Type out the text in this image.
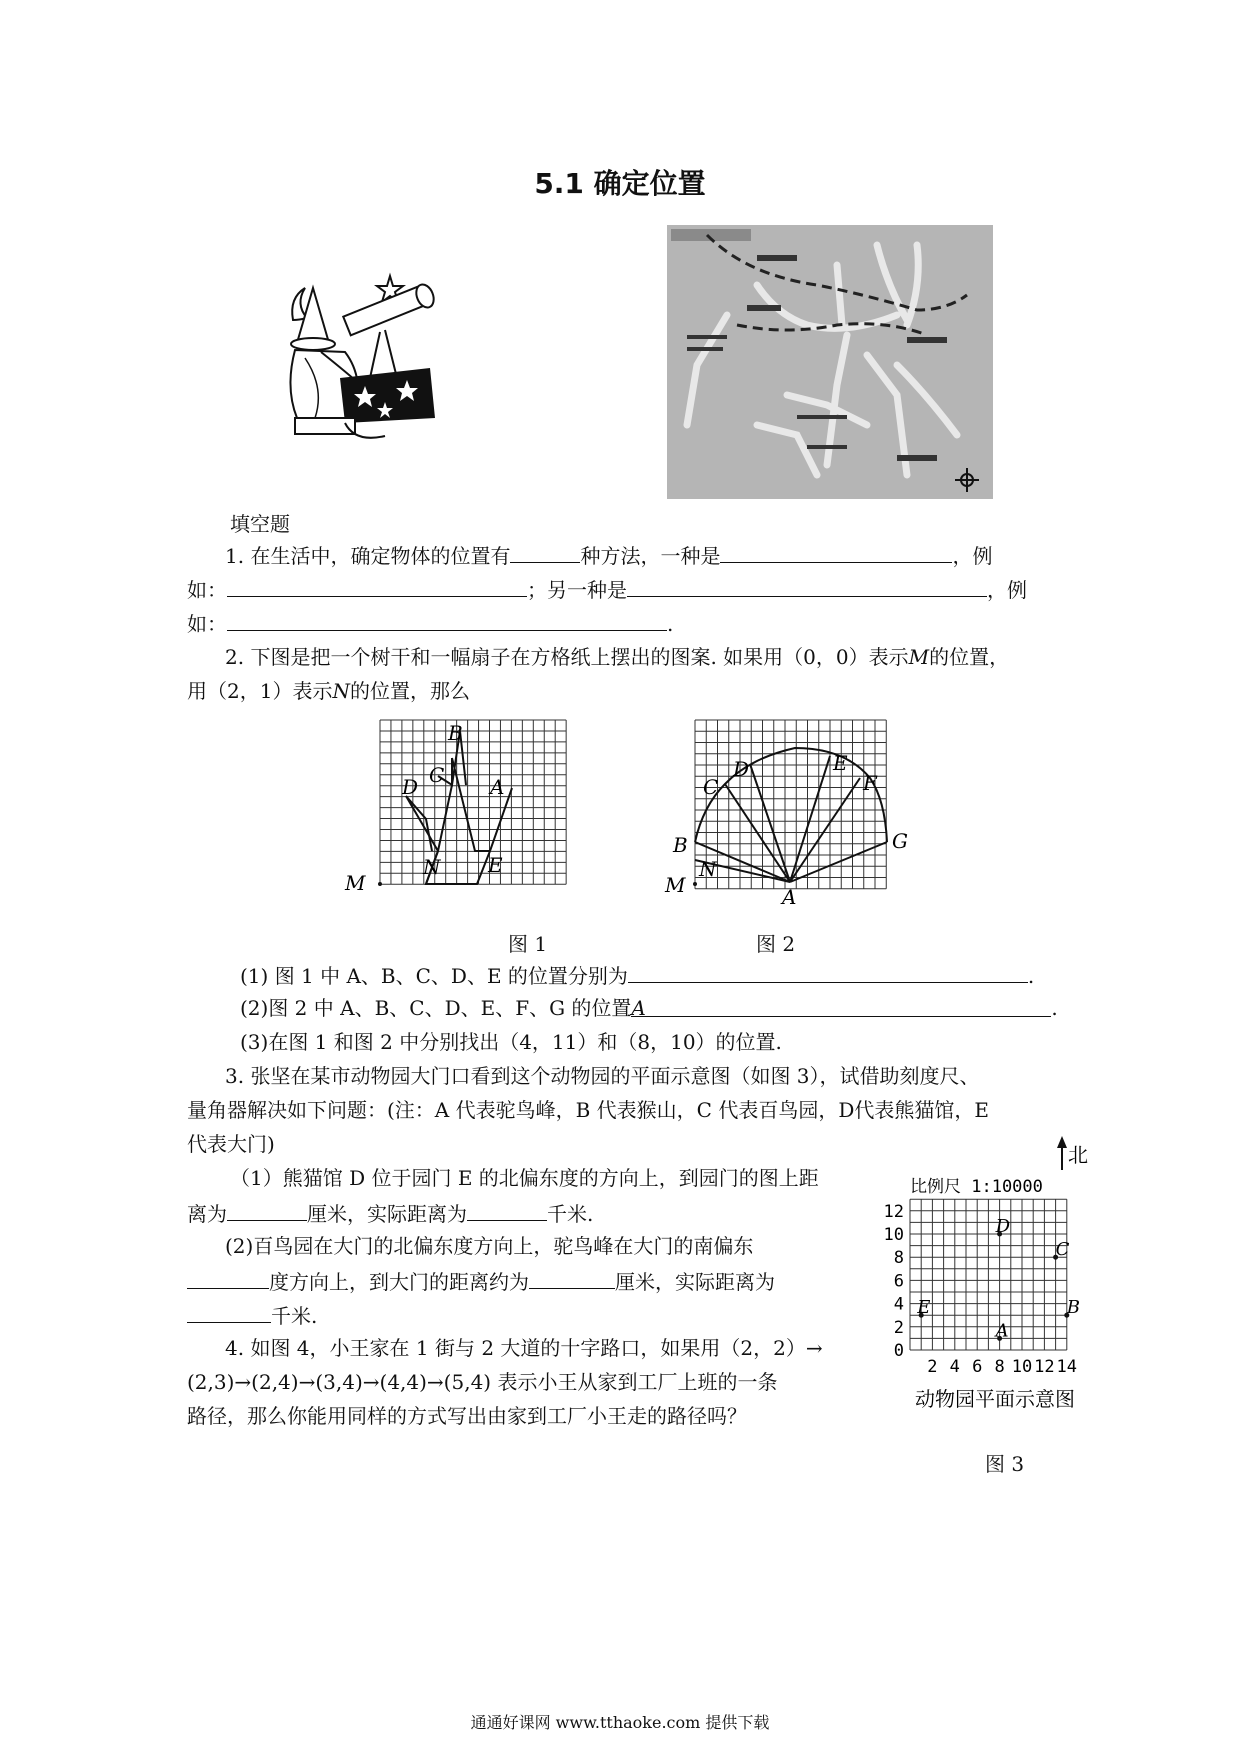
5.1 确定位置
填空题
1. 在生活中，确定物体的位置有	种方法，一种是	，例
如：	；另一种是	，例
如：	.
2. 下图是把一个树干和一幅扇子在方格纸上摆出的图案. 如果用（0，0）表示M的位置，
用（2，1）表示N的位置，那么
M
N E
D C A
B
M
N
B
C
D	E
F
G
A
图 1	图 2
(1) 图 1 中 A、B、C、D、E 的位置分别为	.
(2)图 2 中 A、B、C、D、E、F、G 的位置A	.
(3)在图 1 和图 2 中分别找出（4，11）和（8，10）的位置.
3. 张坚在某市动物园大门口看到这个动物园的平面示意图（如图 3），试借助刻度尺、
量角器解决如下问题：(注：A 代表驼鸟峰，B 代表猴山，C 代表百鸟园，D代表熊猫馆，E
代表大门)
（1）熊猫馆 D 位于园门 E 的北偏东度的方向上，到园门的图上距
离为	厘米，实际距离为	千米.
(2)百鸟园在大门的北偏东度方向上，驼鸟峰在大门的南偏东
度方向上，到大门的距离约为	厘米，实际距离为
千米.
4. 如图 4，小王家在 1 街与 2 大道的十字路口，如果用（2，2）→
(2,3)→(2,4)→(3,4)→(4,4)→(5,4) 表示小王从家到工厂上班的一条
路径，那么你能用同样的方式写出由家到工厂小王走的路径吗？
北
比例尺 1:10000
12
10
8
6
4
2
0
2 4 6 8 10 12 14
D
C
E
A
B
动物园平面示意图
图 3
通通好课网 www.tthaoke.com 提供下载
